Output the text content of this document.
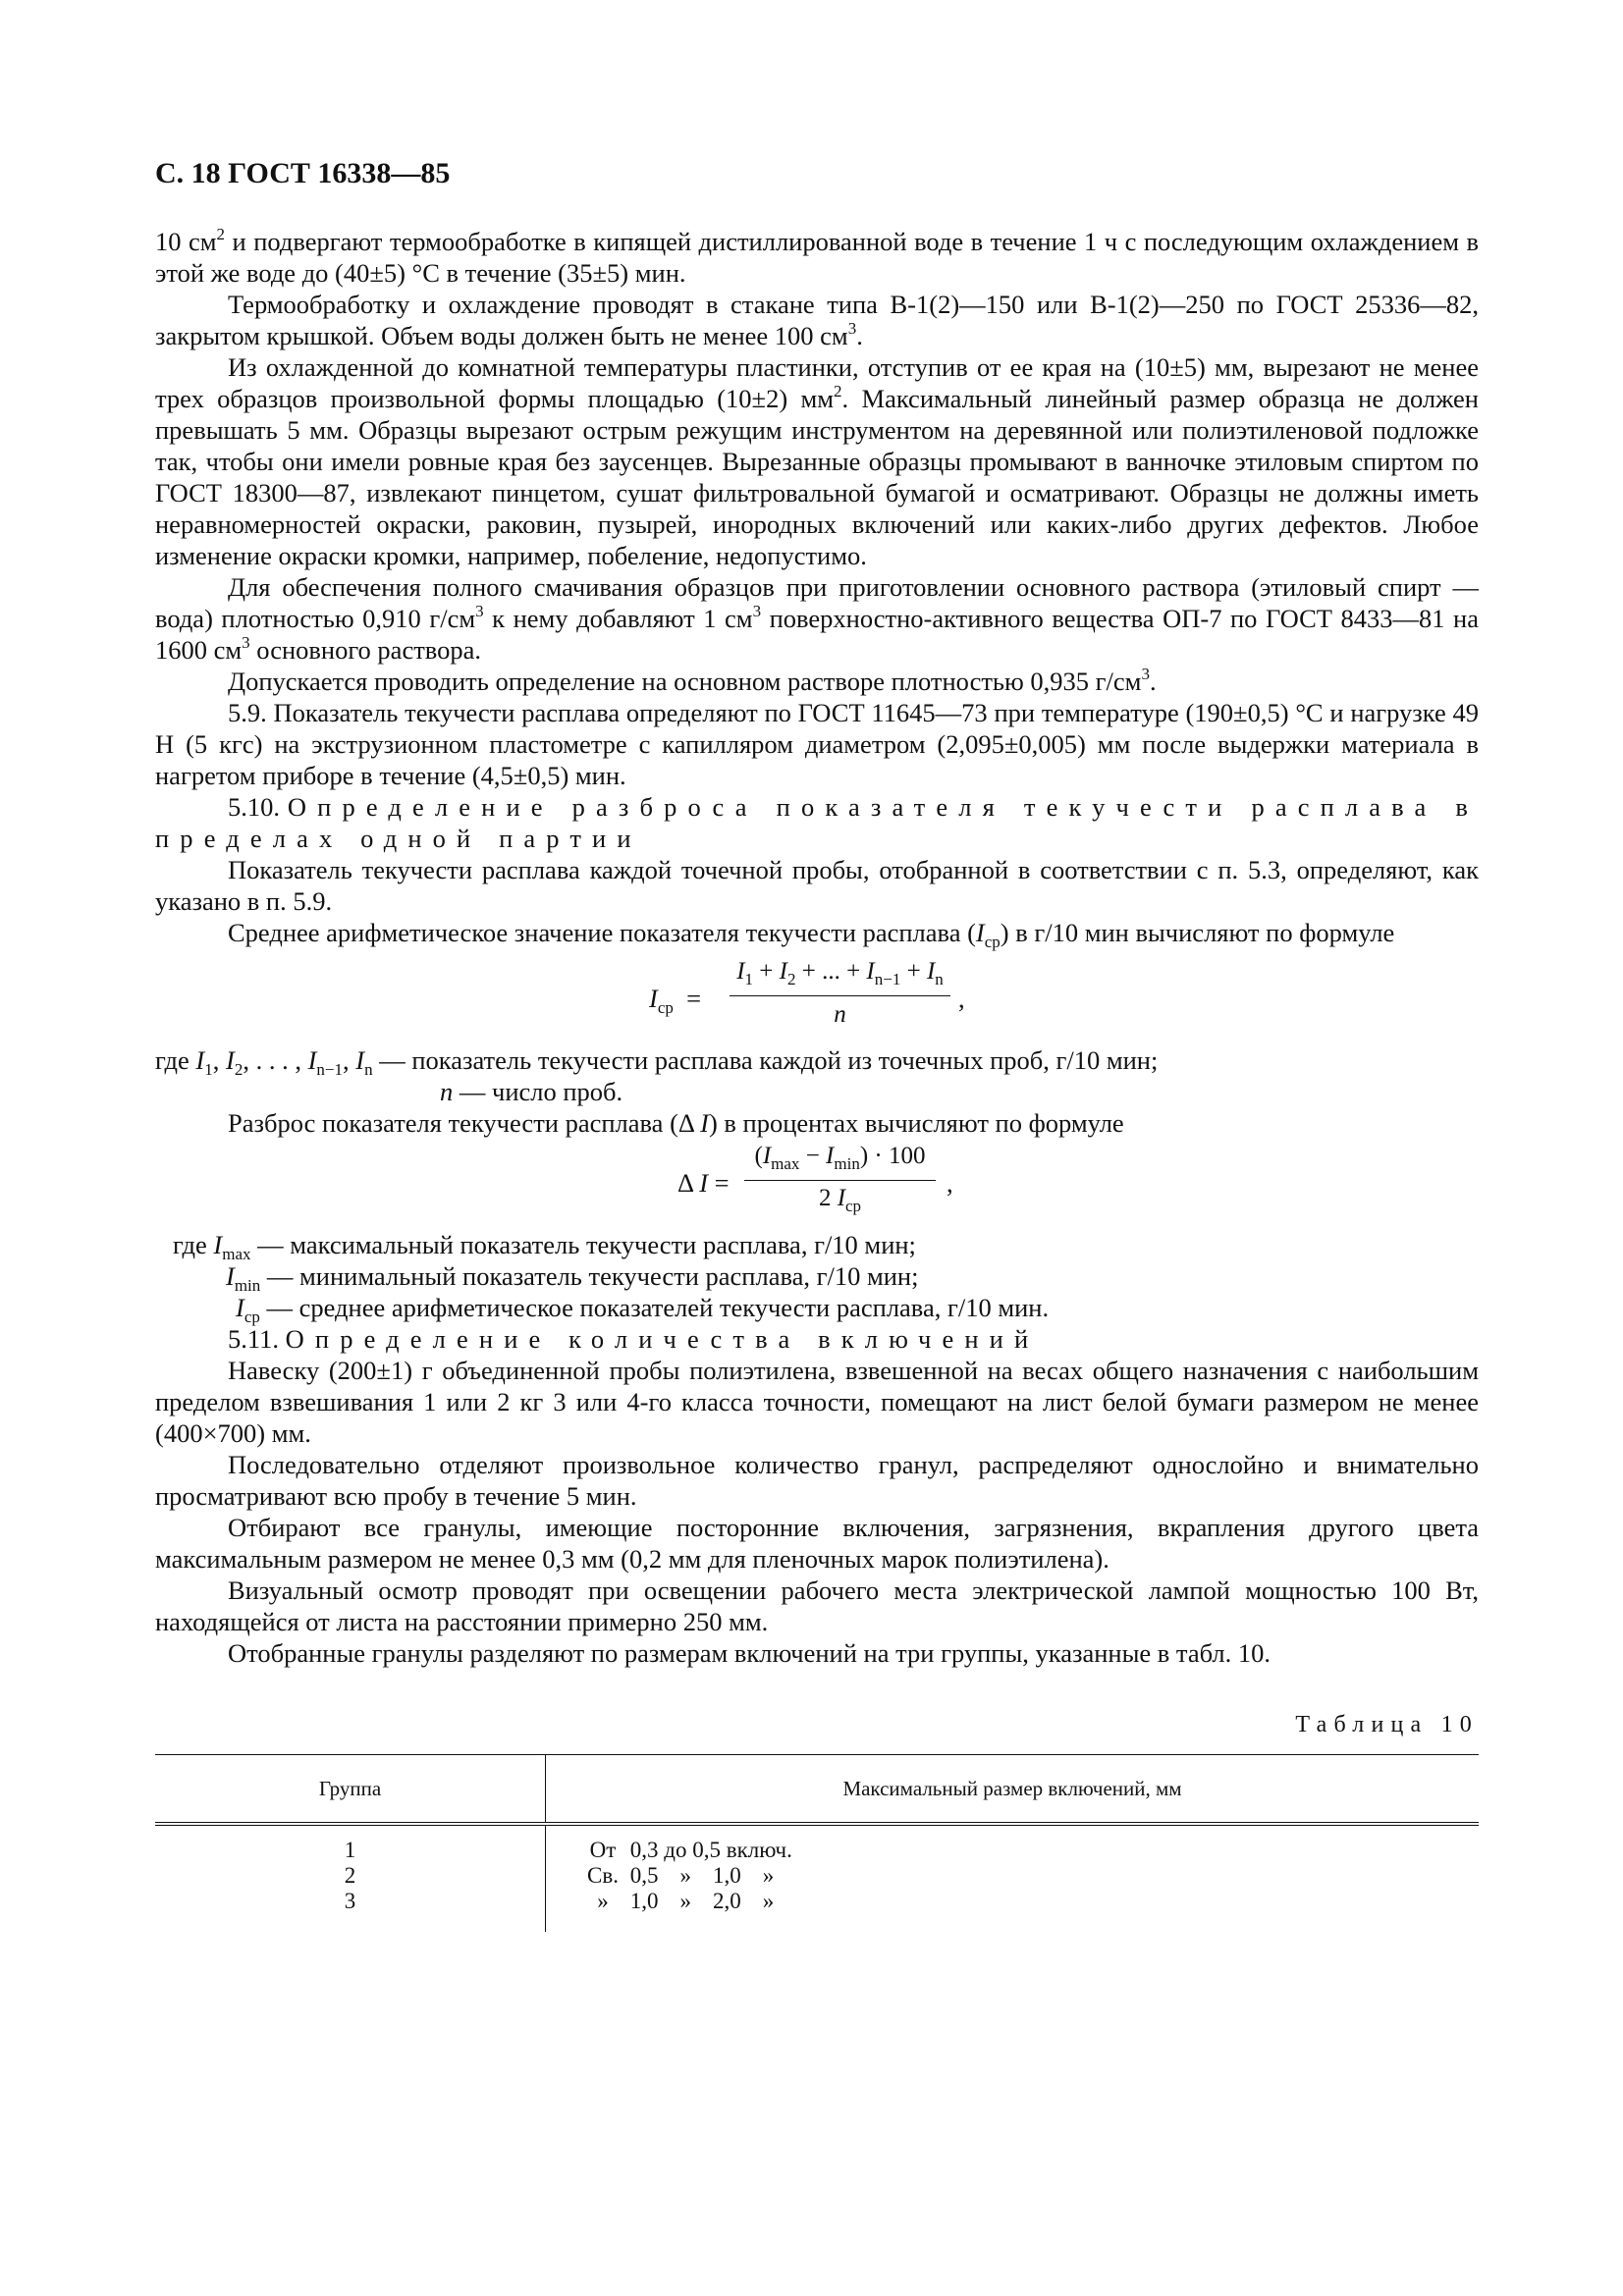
С. 18 ГОСТ 16338—85

10 $см^2$ и подвергают термообработке в кипящей дистиллированной воде в течение 1 ч с последующим охлаждением в этой же воде до (40±5) °С в течение (35±5) мин.

Термообработку и охлаждение проводят в стакане типа В-1(2)—150 или В-1(2)—250 по ГОСТ 25336—82, закрытом крышкой. Объем воды должен быть не менее 100 $см^3$.

Из охлажденной до комнатной температуры пластинки, отступив от ее края на (10±5) мм, вырезают не менее трех образцов произвольной формы площадью (10±2) $мм^2$. Максимальный линейный размер образца не должен превышать 5 мм. Образцы вырезают острым режущим инструментом на деревянной или полиэтиленовой подложке так, чтобы они имели ровные края без заусенцев. Вырезанные образцы промывают в ванночке этиловым спиртом по ГОСТ 18300—87, извлекают пинцетом, сушат фильтровальной бумагой и осматривают. Образцы не должны иметь неравномерностей окраски, раковин, пузырей, инородных включений или каких-либо других дефектов. Любое изменение окраски кромки, например, побеление, недопустимо.

Для обеспечения полного смачивания образцов при приготовлении основного раствора (этиловый спирт — вода) плотностью 0,910 $г/см^3$ к нему добавляют 1 $см^3$ поверхностно-активного вещества ОП-7 по ГОСТ 8433—81 на 1600 $см^3$ основного раствора.

Допускается проводить определение на основном растворе плотностью 0,935 $г/см^3$.

5.9. Показатель текучести расплава определяют по ГОСТ 11645—73 при температуре (190±0,5) °С и нагрузке 49 Н (5 кгс) на экструзионном пластометре с капилляром диаметром (2,095±0,005) мм после выдержки материала в нагретом приборе в течение (4,5±0,5) мин.

5.10. Определение разброса показателя текучести расплава в пределах одной партии

Показатель текучести расплава каждой точечной пробы, отобранной в соответствии с п. 5.3, определяют, как указано в п. 5.9.

Среднее арифметическое значение показателя текучести расплава $(I_{ср})$ в г/10 мин вычисляют по формуле

$I_{ср}$ =
$I_1 + I_2$ + ... + $I_{n-1} + I_n$
n
,

где $I_1$, $I_2$, . . . , $I_{n-1}$, $I_n$ — показатель текучести расплава каждой из точечных проб, г/10 мин;

n — число проб.

Разброс показателя текучести расплава (Δ I) в процентах вычисляют по формуле

Δ I =
$(I_{max} - I_{min}) \cdot 100$
2 $I_{ср}$
,

где $I_{max}$ — максимальный показатель текучести расплава, г/10 мин;

$I_{min}$ — минимальный показатель текучести расплава, г/10 мин;

$I_{ср}$ — среднее арифметическое показателей текучести расплава, г/10 мин.

5.11. Определение количества включений

Навеску (200±1) г объединенной пробы полиэтилена, взвешенной на весах общего назначения с наибольшим пределом взвешивания 1 или 2 кг 3 или 4-го класса точности, помещают на лист белой бумаги размером не менее (400×700) мм.

Последовательно отделяют произвольное количество гранул, распределяют однослойно и внимательно просматривают всю пробу в течение 5 мин.

Отбирают все гранулы, имеющие посторонние включения, загрязнения, вкрапления другого цвета максимальным размером не менее 0,3 мм (0,2 мм для пленочных марок полиэтилена).

Визуальный осмотр проводят при освещении рабочего места электрической лампой мощностью 100 Вт, находящейся от листа на расстоянии примерно 250 мм.

Отобранные гранулы разделяют по размерам включений на три группы, указанные в табл. 10.

Таблица 10
Группа	Максимальный размер включений, мм
1	От 0,3 до 0,5 включ.
2	Св. 0,5 » 1,0 »
3	» 1,0 » 2,0 »
